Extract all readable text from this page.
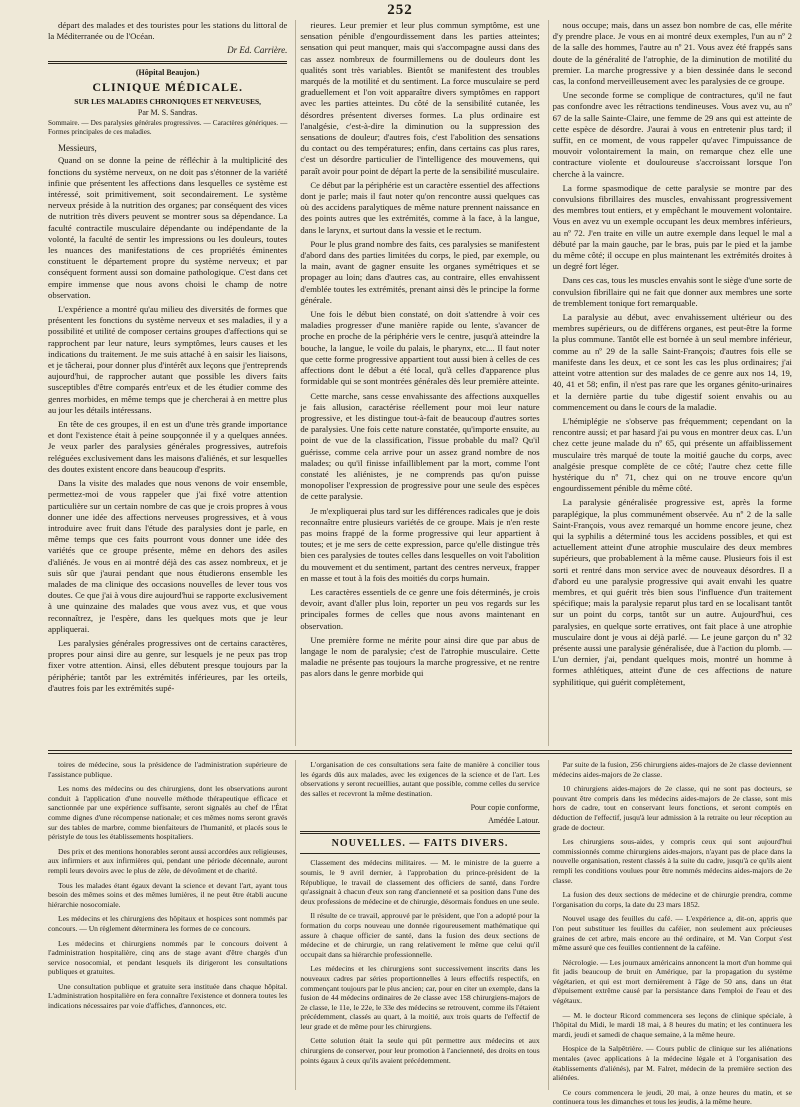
252

départ des malades et des touristes pour les stations du littoral de la Méditerranée ou de l'Océan.

Dr Ed. Carrière.
(Hôpital Beaujon.)
CLINIQUE MÉDICALE.
SUR LES MALADIES CHRONIQUES ET NERVEUSES,
Par M. S. Sandras.
Sommaire. — Des paralysies générales progressives. — Caractères génériques. — Formes principales de ces maladies.
Messieurs,

Quand on se donne la peine de réfléchir à la multiplicité des fonctions du système nerveux, on ne doit pas s'étonner de la variété infinie que présentent les affections dans lesquelles ce système est intéressé, soit primitivement, soit secondairement. Le système nerveux préside à la nutrition des organes; par conséquent des vices de nutrition très divers peuvent se montrer sous sa dépendance. La faculté contractile musculaire dépendante ou indépendante de la volonté, la faculté de sentir les impressions ou les douleurs, toutes les nuances des manifestations de ces propriétés éminentes constituent le département propre du système nerveux; et par conséquent forment aussi son domaine pathologique. C'est dans cet empire immense que nous avons choisi le champ de notre observation.

L'expérience a montré qu'au milieu des diversités de formes que présentent les fonctions du système nerveux et ses maladies, il y a possibilité et utilité de composer certains groupes d'affections qui se rapprochent par leur nature, leurs symptômes, leurs causes et les indications du traitement. Je me suis attaché à en saisir les liaisons, et je tâcherai, pour donner plus d'intérêt aux leçons que j'entreprends aujourd'hui, de rapprocher autant que possible les divers faits susceptibles d'être comparés entr'eux et de les étudier comme des genres morbides, en même temps que je chercherai à en mettre plus au jour les détails intéressans.

En tête de ces groupes, il en est un d'une très grande importance et dont l'existence était à peine soupçonnée il y a quelques années. Je veux parler des paralysies générales progressives, autrefois reléguées exclusivement dans les maisons d'aliénés, et sur lesquelles des doutes existent encore dans beaucoup d'esprits.

Dans la visite des malades que nous venons de voir ensemble, permettez-moi de vous rappeler que j'ai fixé votre attention particulière sur un certain nombre de cas que je crois propres à vous donner une idée des affections nerveuses progressives, et à vous introduire avec fruit dans l'étude des paralysies dont je parle, en même temps que ces faits pourront vous donner une idée des variétés que ce groupe présente, même en dehors des asiles d'aliénés. Je vous en ai montré déjà des cas assez nombreux, et je suis sûr que j'aurai pendant que nous étudierons ensemble les malades de ma clinique des occasions nouvelles de lever tous vos doutes. Ce que j'ai à vous dire aujourd'hui se rapporte exclusivement à une quinzaine des malades que vous avez vus, et que vous reconnaîtrez, je l'espère, dans les quelques mots que je leur appliquerai.

Les paralysies générales progressives ont de certains caractères, propres pour ainsi dire au genre, sur lesquels je ne peux pas trop fixer votre attention. Ainsi, elles débutent presque toujours par la périphérie; tantôt par les extrémités inférieures, par les orteils, d'autres fois par les extrémités supé-

rieures. Leur premier et leur plus commun symptôme, est une sensation pénible d'engourdissement dans les parties atteintes; sensation qui peut manquer, mais qui s'accompagne aussi dans des cas assez nombreux de fourmillemens ou de douleurs dont les qualités sont très variables. Bientôt se manifestent des troubles marqués de la motilité et du sentiment. La force musculaire se perd graduellement et l'on voit apparaître divers symptômes en rapport avec les parties atteintes. Du côté de la sensibilité cutanée, les désordres présentent diverses formes. La plus ordinaire est l'analgésie, c'est-à-dire la diminution ou la suppression des sensations de douleur; d'autres fois, c'est l'abolition des sensations du contact ou des températures; enfin, dans certains cas plus rares, c'est un désordre particulier de l'intelligence des mouvemens, qui paraît avoir pour point de départ la perte de la sensibilité musculaire.

Ce début par la périphérie est un caractère essentiel des affections dont je parle; mais il faut noter qu'on rencontre aussi quelques cas où des accidens paralytiques de même nature prennent naissance en des points autres que les extrémités, comme à la face, à la langue, dans le larynx, et surtout dans la vessie et le rectum.

Pour le plus grand nombre des faits, ces paralysies se manifestent d'abord dans des parties limitées du corps, le pied, par exemple, ou la main, avant de gagner ensuite les organes symétriques et se propager au loin; dans d'autres cas, au contraire, elles envahissent d'emblée toutes les extrémités, prenant ainsi dès le principe la forme générale.

Une fois le début bien constaté, on doit s'attendre à voir ces maladies progresser d'une manière rapide ou lente, s'avancer de proche en proche de la périphérie vers le centre, jusqu'à atteindre la bouche, la langue, le voile du palais, le pharynx, etc.... Il faut noter que cette forme progressive appartient tout aussi bien à celles de ces affections dont le début a été local, qu'à celles d'apparence plus formidable qui se sont montrées générales dès leur première atteinte.

Cette marche, sans cesse envahissante des affections auxquelles je fais allusion, caractérise réellement pour moi leur nature progressive, et les distingue tout-à-fait de beaucoup d'autres sortes de paralysies. Une fois cette nature constatée, qu'importe ensuite, au point de vue de la classification, l'issue probable du mal? Qu'il guérisse, comme cela arrive pour un assez grand nombre de nos malades; ou qu'il finisse infailliblement par la mort, comme l'ont constaté les aliénistes, je ne comprends pas qu'on puisse monopoliser l'expression de progressive pour une seule des espèces de cette paralysie.

Je m'expliquerai plus tard sur les différences radicales que je dois reconnaître entre plusieurs variétés de ce groupe. Mais je n'en reste pas moins frappé de la forme progressive qui leur appartient à toutes; et je me sers de cette expression, parce qu'elle distingue très bien ces paralysies de toutes celles dans lesquelles on voit l'abolition du mouvement et du sentiment, partant des centres nerveux, frapper en masse et tout à la fois des moitiés du corps humain.

Les caractères essentiels de ce genre une fois déterminés, je crois devoir, avant d'aller plus loin, reporter un peu vos regards sur les principales formes de celles que nous avons maintenant en observation.

Une première forme ne mérite pour ainsi dire que par abus de langage le nom de paralysie; c'est de l'atrophie musculaire. Cette maladie ne présente pas toujours la marche progressive, et ne rentre pas alors dans le genre morbide qui

nous occupe; mais, dans un assez bon nombre de cas, elle mérite d'y prendre place. Je vous en ai montré deux exemples, l'un au nº 2 de la salle des hommes, l'autre au nº 21. Vous avez été frappés sans doute de la généralité de l'atrophie, de la diminution de motilité du premier. La marche progressive y a bien dessinée dans le second cas, la confond merveilleusement avec les paralysies de ce groupe.

Une seconde forme se complique de contractures, qu'il ne faut pas confondre avec les rétractions tendineuses. Vous avez vu, au nº 67 de la salle Sainte-Claire, une femme de 29 ans qui est atteinte de cette espèce de désordre. J'aurai à vous en entretenir plus tard; il suffit, en ce moment, de vous rappeler qu'avec l'impuissance de mouvoir volontairement la main, on remarque chez elle une contracture violente et douloureuse s'accroissant lorsque l'on cherche à la vaincre.

La forme spasmodique de cette paralysie se montre par des convulsions fibrillaires des muscles, envahissant progressivement des membres tout entiers, et y empêchant le mouvement volontaire. Vous en avez vu un exemple occupant les deux membres inférieurs, au nº 72. J'en traite en ville un autre exemple dans lequel le mal a débuté par la main gauche, par le bras, puis par le pied et la jambe du même côté; il occupe en plus maintenant les extrémités droites à un degré fort léger.

Dans ces cas, tous les muscles envahis sont le siège d'une sorte de convulsion fibrillaire qui ne fait que donner aux membres une sorte de tremblement tonique fort remarquable.

La paralysie au début, avec envahissement ultérieur ou des membres supérieurs, ou de différens organes, est peut-être la forme la plus commune. Tantôt elle est bornée à un seul membre inférieur, comme au nº 29 de la salle Saint-François; d'autres fois elle se manifeste dans les deux, et ce sont les cas les plus ordinaires; j'ai atteint votre attention sur des malades de ce genre aux nos 14, 19, 40, 41 et 58; enfin, il n'est pas rare que les organes génito-urinaires et la dernière partie du tube digestif soient envahis ou au commencement ou dans le cours de la maladie.

L'hémiplégie ne s'observe pas fréquemment; cependant on la rencontre aussi; et par hasard j'ai pu vous en montrer deux cas. L'un chez cette jeune malade du nº 65, qui présente un affaiblissement musculaire très marqué de toute la moitié gauche du corps, avec analgésie presque complète de ce côté; l'autre chez cette fille hystérique du nº 71, chez qui on ne trouve encore qu'un engourdissement pénible du même côté.

La paralysie généralisée progressive est, après la forme paraplégique, la plus communément observée. Au nº 2 de la salle Saint-François, vous avez remarqué un homme encore jeune, chez qui la syphilis a déterminé tous les accidens possibles, et qui est actuellement atteint d'une atrophie musculaire des deux membres supérieurs, que probablement à la même cause. Plusieurs fois il est sorti et rentré dans mon service avec de nouveaux désordres. Il a d'abord eu une paralysie progressive qui avait envahi les quatre membres, et qui guérit très bien sous l'influence d'un traitement spécifique; mais la paralysie reparut plus tard en se localisant tantôt sur un point du corps, tantôt sur un autre. Aujourd'hui, ces paralysies, en quelque sorte erratives, ont fait place à une atrophie musculaire dont je vous ai déjà parlé. — Le jeune garçon du nº 32 présente aussi une paralysie généralisée, due à l'action du plomb. — L'un dernier, j'ai, pendant quelques mois, montré un homme à formes athlétiques, atteint d'une de ces affections de nature syphilitique, qui guérit complètement,

toires de médecine, sous la présidence de l'administration supérieure de l'assistance publique.

Les noms des médecins ou des chirurgiens, dont les observations auront conduit à l'application d'une nouvelle méthode thérapeutique efficace et sanctionnée par une expérience suffisante, seront signalés au chef de l'État comme dignes d'une récompense nationale; et ces mêmes noms seront gravés sur des tables de marbre, comme bienfaiteurs de l'humanité, et placés sous le péristyle de tous les établissements hospitaliers.

Des prix et des mentions honorables seront aussi accordées aux religieuses, aux infirmiers et aux infirmières qui, pendant une période décennale, auront rempli leurs devoirs avec le plus de zèle, de dévoûment et de charité.

Tous les malades étant égaux devant la science et devant l'art, ayant tous besoin des mêmes soins et des mêmes lumières, il ne peut être établi aucune hiérarchie nosocomiale.

Les médecins et les chirurgiens des hôpitaux et hospices sont nommés par concours. — Un règlement déterminera les formes de ce concours.

Les médecins et chirurgiens nommés par le concours doivent à l'administration hospitalière, cinq ans de stage avant d'être chargés d'un service nosocomial, et pendant lesquels ils dirigeront les consultations publiques et gratuites.

Une consultation publique et gratuite sera instituée dans chaque hôpital. L'administration hospitalière en fera connaître l'existence et donnera toutes les indications nécessaires par voie d'affiches, d'annonces, etc.

L'organisation de ces consultations sera faite de manière à concilier tous les égards dûs aux malades, avec les exigences de la science et de l'art. Les observations y seront recueillies, autant que possible, comme celles du service des salles et recevront la même destination.

Pour copie conforme,
Amédée Latour.
NOUVELLES. — FAITS DIVERS.

Classement des médecins militaires. — M. le ministre de la guerre a soumis, le 9 avril dernier, à l'approbation du prince-président de la République, le travail de classement des officiers de santé, dans l'ordre qu'assignait à chacun d'eux son rang d'ancienneté et sa position dans l'une des deux professions de médecine et de chirurgie, désormais fondues en une seule.

Il résulte de ce travail, approuvé par le président, que l'on a adopté pour la formation du corps nouveau une donnée rigoureusement mathématique qui assure à chaque officier de santé, dans la fusion des deux sections de médecine et de chirurgie, un rang relativement le même que celui qu'il occupait dans sa hiérarchie professionnelle.

Les médecins et les chirurgiens sont successivement inscrits dans les nouveaux cadres par séries proportionnelles à leurs effectifs respectifs, en commençant toujours par le plus ancien; car, pour en citer un exemple, dans la fusion de 44 médecins ordinaires de 2e classe avec 158 chirurgiens-majors de 2e classe, le 11e, le 22e, le 33e des médecins se retrouvent, comme ils l'étaient précédemment, classés au quart, à la moitié, aux trois quarts de l'effectif de leur grade et de même pour les chirurgiens.

Cette solution était la seule qui pût permettre aux médecins et aux chirurgiens de conserver, pour leur promotion à l'ancienneté, des droits en tous points égaux à ceux qu'ils avaient précédemment.

Par suite de la fusion, 256 chirurgiens aides-majors de 2e classe deviennent médecins aides-majors de 2e classe.

10 chirurgiens aides-majors de 2e classe, qui ne sont pas docteurs, se pouvant être compris dans les médecins aides-majors de 2e classe, sont mis hors de cadre, tout en conservant leurs fonctions, et seront comptés en déduction de l'effectif, jusqu'à leur admission à la retraite ou leur réception au grade de docteur.

Les chirurgiens sous-aides, y compris ceux qui sont aujourd'hui commissionnés comme chirurgiens aides-majors, n'ayant pas de place dans la nouvelle organisation, restent classés à la suite du cadre, jusqu'à ce qu'ils aient rempli les conditions voulues pour être nommés médecins aides-majors de 2e classe.

La fusion des deux sections de médecine et de chirurgie prendra, comme l'organisation du corps, la date du 23 mars 1852.

Nouvel usage des feuilles du café. — L'expérience a, dit-on, appris que l'on peut substituer les feuilles du caféier, non seulement aux précieuses graines de cet arbre, mais encore au thé ordinaire, et M. Van Corput s'est même assuré que ces feuilles contiennent de la caféine.

Nécrologie. — Les journaux américains annoncent la mort d'un homme qui fit jadis beaucoup de bruit en Amérique, par la propagation du système végétarien, et qui est mort dernièrement à l'âge de 50 ans, dans un état d'épuisement extrême causé par la persistance dans l'emploi de l'eau et des végétaux.

— M. le docteur Ricord commencera ses leçons de clinique spéciale, à l'hôpital du Midi, le mardi 18 mai, à 8 heures du matin; et les continuera les mardi, jeudi et samedi de chaque semaine, à la même heure.

Hospice de la Salpêtrière. — Cours public de clinique sur les aliénations mentales (avec applications à la médecine légale et à l'organisation des établissements d'aliénés), par M. Falret, médecin de la première section des aliénées.

Ce cours commencera le jeudi, 20 mai, à onze heures du matin, et se continuera tous les dimanches et tous les jeudis, à la même heure.
